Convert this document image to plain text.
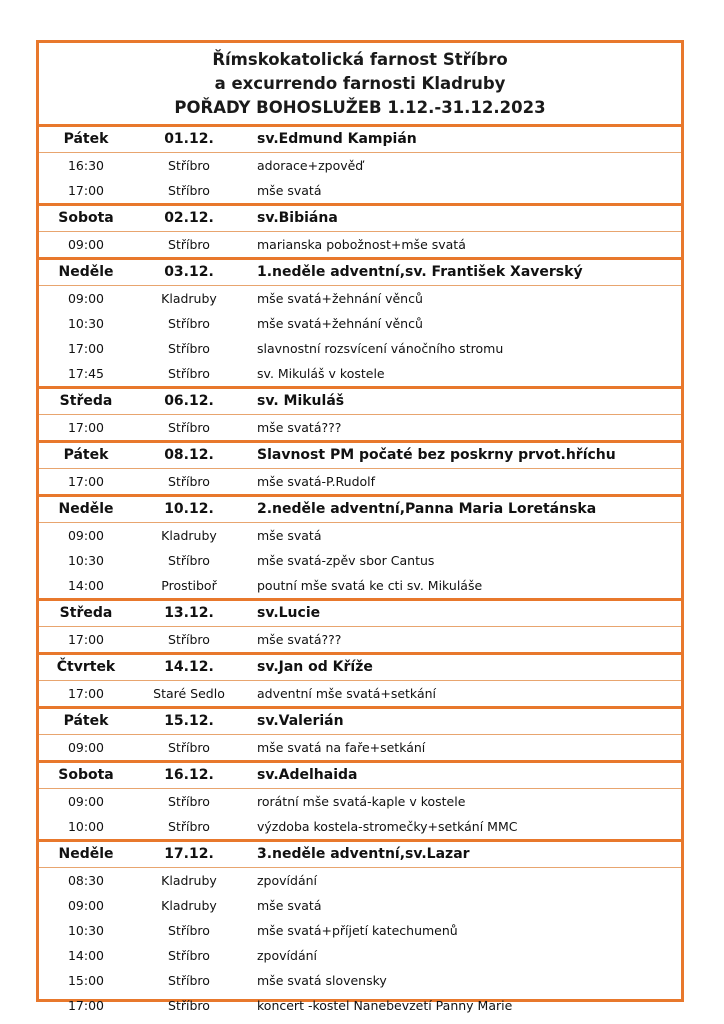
Římskokatolická farnost Stříbro
a excurrendo farnosti Kladruby
POŘADY BOHOSLUŽEB 1.12.-31.12.2023
Pátek	01.12.	sv.Edmund Kampián
16:30	Stříbro	adorace+zpověď
17:00	Stříbro	mše svatá
Sobota	02.12.	sv.Bibiána
09:00	Stříbro	marianska pobožnost+mše svatá
Neděle	03.12.	1.neděle adventní,sv. František Xaverský
09:00	Kladruby	mše svatá+žehnání věnců
10:30	Stříbro	mše svatá+žehnání věnců
17:00	Stříbro	slavnostní rozsvícení vánočního stromu
17:45	Stříbro	sv. Mikuláš v kostele
Středa	06.12.	sv. Mikuláš
17:00	Stříbro	mše svatá???
Pátek	08.12.	Slavnost PM počaté bez poskrny prvot.hříchu
17:00	Stříbro	mše svatá-P.Rudolf
Neděle	10.12.	2.neděle adventní,Panna Maria Loretánska
09:00	Kladruby	mše svatá
10:30	Stříbro	mše svatá-zpěv sbor Cantus
14:00	Prostiboř	poutní mše svatá ke cti sv. Mikuláše
Středa	13.12.	sv.Lucie
17:00	Stříbro	mše svatá???
Čtvrtek	14.12.	sv.Jan od Kříže
17:00	Staré Sedlo	adventní mše svatá+setkání
Pátek	15.12.	sv.Valerián
09:00	Stříbro	mše svatá na faře+setkání
Sobota	16.12.	sv.Adelhaida
09:00	Stříbro	rorátní mše svatá-kaple v kostele
10:00	Stříbro	výzdoba kostela-stromečky+setkání MMC
Neděle	17.12.	3.neděle adventní,sv.Lazar
08:30	Kladruby	zpovídání
09:00	Kladruby	mše svatá
10:30	Stříbro	mše svatá+příjetí katechumenů
14:00	Stříbro	zpovídání
15:00	Stříbro	mše svatá slovensky
17:00	Stříbro	koncert -kostel Nanebevzetí Panny Marie
